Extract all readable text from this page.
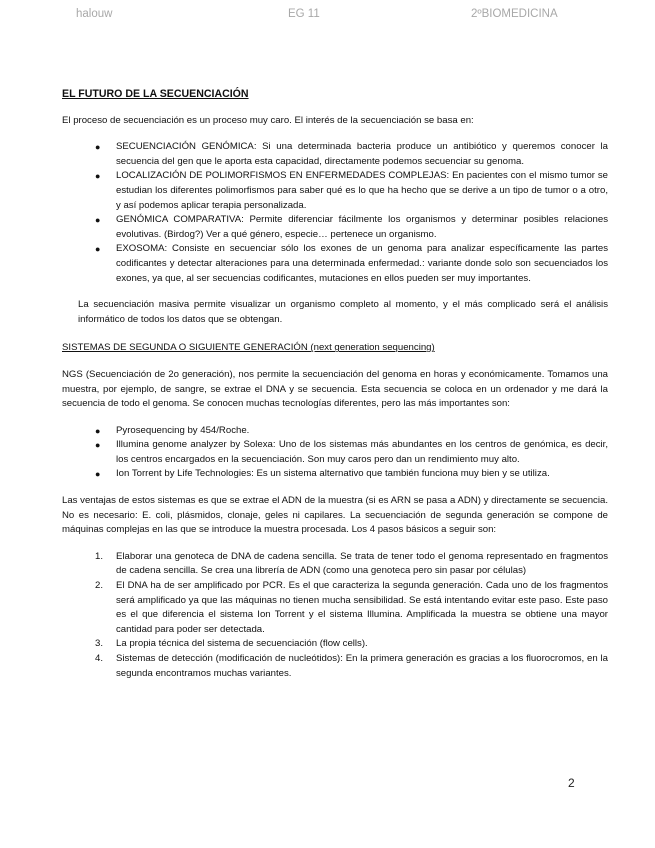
halouw	EG 11	2ºBIOMEDICINA

EL FUTURO DE LA SECUENCIACIÓN

El proceso de secuenciación es un proceso muy caro. El interés de la secuenciación se basa en:

● SECUENCIACIÓN GENÓMICA: Si una determinada bacteria produce un antibiótico y queremos conocer la secuencia del gen que le aporta esta capacidad, directamente podemos secuenciar su genoma.
● LOCALIZACIÓN DE POLIMORFISMOS EN ENFERMEDADES COMPLEJAS: En pacientes con el mismo tumor se estudian los diferentes polimorfismos para saber qué es lo que ha hecho que se derive a un tipo de tumor o a otro, y así podemos aplicar terapia personalizada.
● GENÓMICA COMPARATIVA: Permite diferenciar fácilmente los organismos y determinar posibles relaciones evolutivas. (Birdog?) Ver a qué género, especie… pertenece un organismo.
● EXOSOMA: Consiste en secuenciar sólo los exones de un genoma para analizar específicamente las partes codificantes y detectar alteraciones para una determinada enfermedad.: variante donde solo son secuenciados los exones, ya que, al ser secuencias codificantes, mutaciones en ellos pueden ser muy importantes.

La secuenciación masiva permite visualizar un organismo completo al momento, y el más complicado será el análisis informático de todos los datos que se obtengan.

SISTEMAS DE SEGUNDA O SIGUIENTE GENERACIÓN (next generation sequencing)

NGS (Secuenciación de 2o generación), nos permite la secuenciación del genoma en horas y económicamente. Tomamos una muestra, por ejemplo, de sangre, se extrae el DNA y se secuencia. Esta secuencia se coloca en un ordenador y me dará la secuencia de todo el genoma. Se conocen muchas tecnologías diferentes, pero las más importantes son:

● Pyrosequencing by 454/Roche.
● Illumina genome analyzer by Solexa: Uno de los sistemas más abundantes en los centros de genómica, es decir, los centros encargados en la secuenciación. Son muy caros pero dan un rendimiento muy alto.
● Ion Torrent by Life Technologies: Es un sistema alternativo que también funciona muy bien y se utiliza.

Las ventajas de estos sistemas es que se extrae el ADN de la muestra (si es ARN se pasa a ADN) y directamente se secuencia. No es necesario: E. coli, plásmidos, clonaje, geles ni capilares. La secuenciación de segunda generación se compone de máquinas complejas en las que se introduce la muestra procesada. Los 4 pasos básicos a seguir son:

1. Elaborar una genoteca de DNA de cadena sencilla. Se trata de tener todo el genoma representado en fragmentos de cadena sencilla. Se crea una librería de ADN (como una genoteca pero sin pasar por células)
2. El DNA ha de ser amplificado por PCR. Es el que caracteriza la segunda generación. Cada uno de los fragmentos será amplificado ya que las máquinas no tienen mucha sensibilidad. Se está intentando evitar este paso. Este paso es el que diferencia el sistema Ion Torrent y el sistema Illumina. Amplificada la muestra se obtiene una mayor cantidad para poder ser detectada.
3. La propia técnica del sistema de secuenciación (flow cells).
4. Sistemas de detección (modificación de nucleótidos): En la primera generación es gracias a los fluorocromos, en la segunda encontramos muchas variantes.
2
